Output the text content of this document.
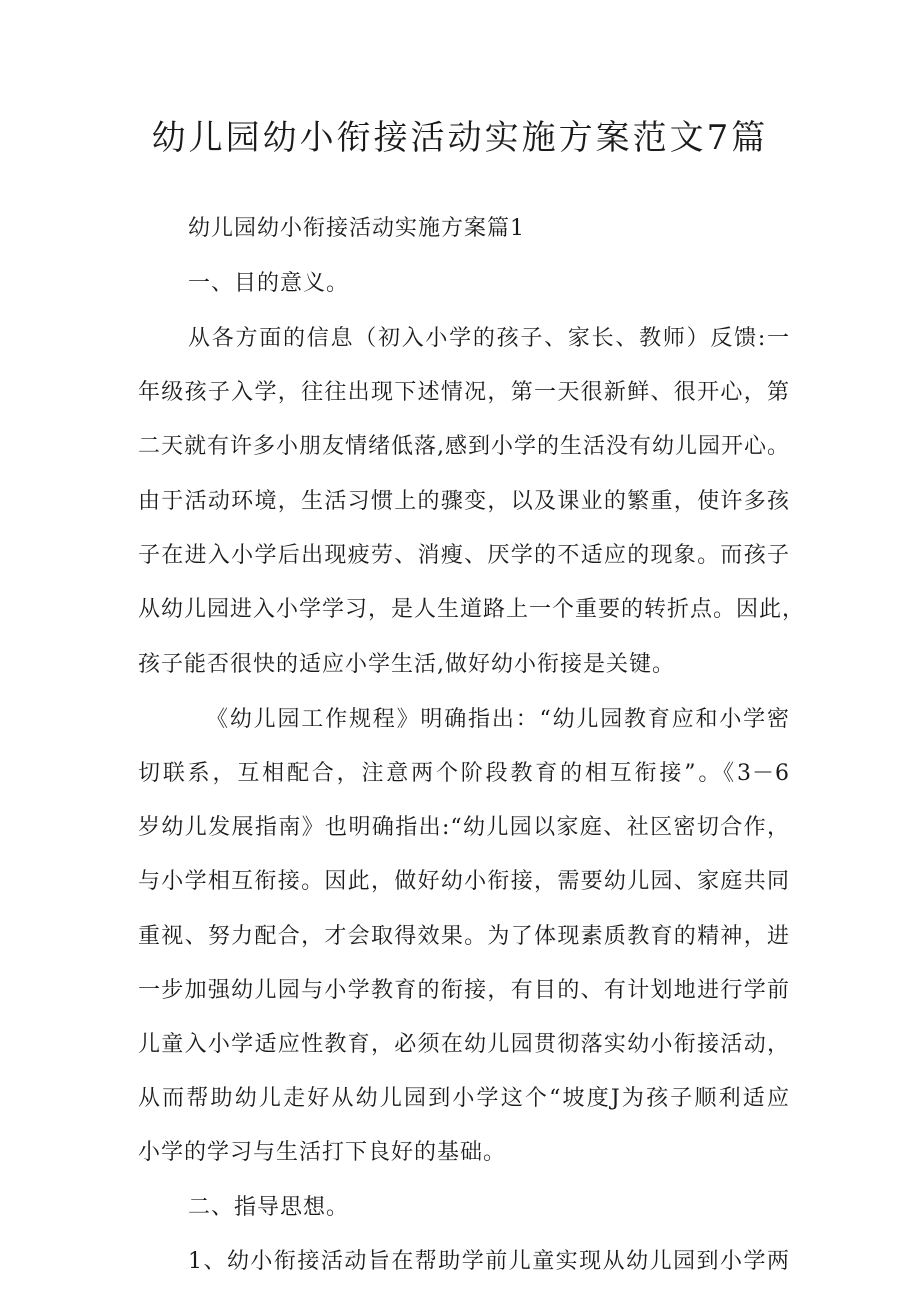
幼儿园幼小衔接活动实施方案范文7篇
幼儿园幼小衔接活动实施方案篇1
一、目的意义。
从各方面的信息（初入小学的孩子、家长、教师）反馈:一
年级孩子入学，往往出现下述情况，第一天很新鲜、很开心，第
二天就有许多小朋友情绪低落,感到小学的生活没有幼儿园开心。
由于活动环境，生活习惯上的骤变，以及课业的繁重，使许多孩
子在进入小学后出现疲劳、消瘦、厌学的不适应的现象。而孩子
从幼儿园进入小学学习，是人生道路上一个重要的转折点。因此，
孩子能否很快的适应小学生活,做好幼小衔接是关键。
《幼儿园工作规程》明确指出：“幼儿园教育应和小学密
切联系，互相配合，注意两个阶段教育的相互衔接”。《3－6
岁幼儿发展指南》也明确指出:“幼儿园以家庭、社区密切合作，
与小学相互衔接。因此，做好幼小衔接，需要幼儿园、家庭共同
重视、努力配合，才会取得效果。为了体现素质教育的精神，进
一步加强幼儿园与小学教育的衔接，有目的、有计划地进行学前
儿童入小学适应性教育，必须在幼儿园贯彻落实幼小衔接活动，
从而帮助幼儿走好从幼儿园到小学这个“坡度J为孩子顺利适应
小学的学习与生活打下良好的基础。
二、指导思想。
1、幼小衔接活动旨在帮助学前儿童实现从幼儿园到小学两
